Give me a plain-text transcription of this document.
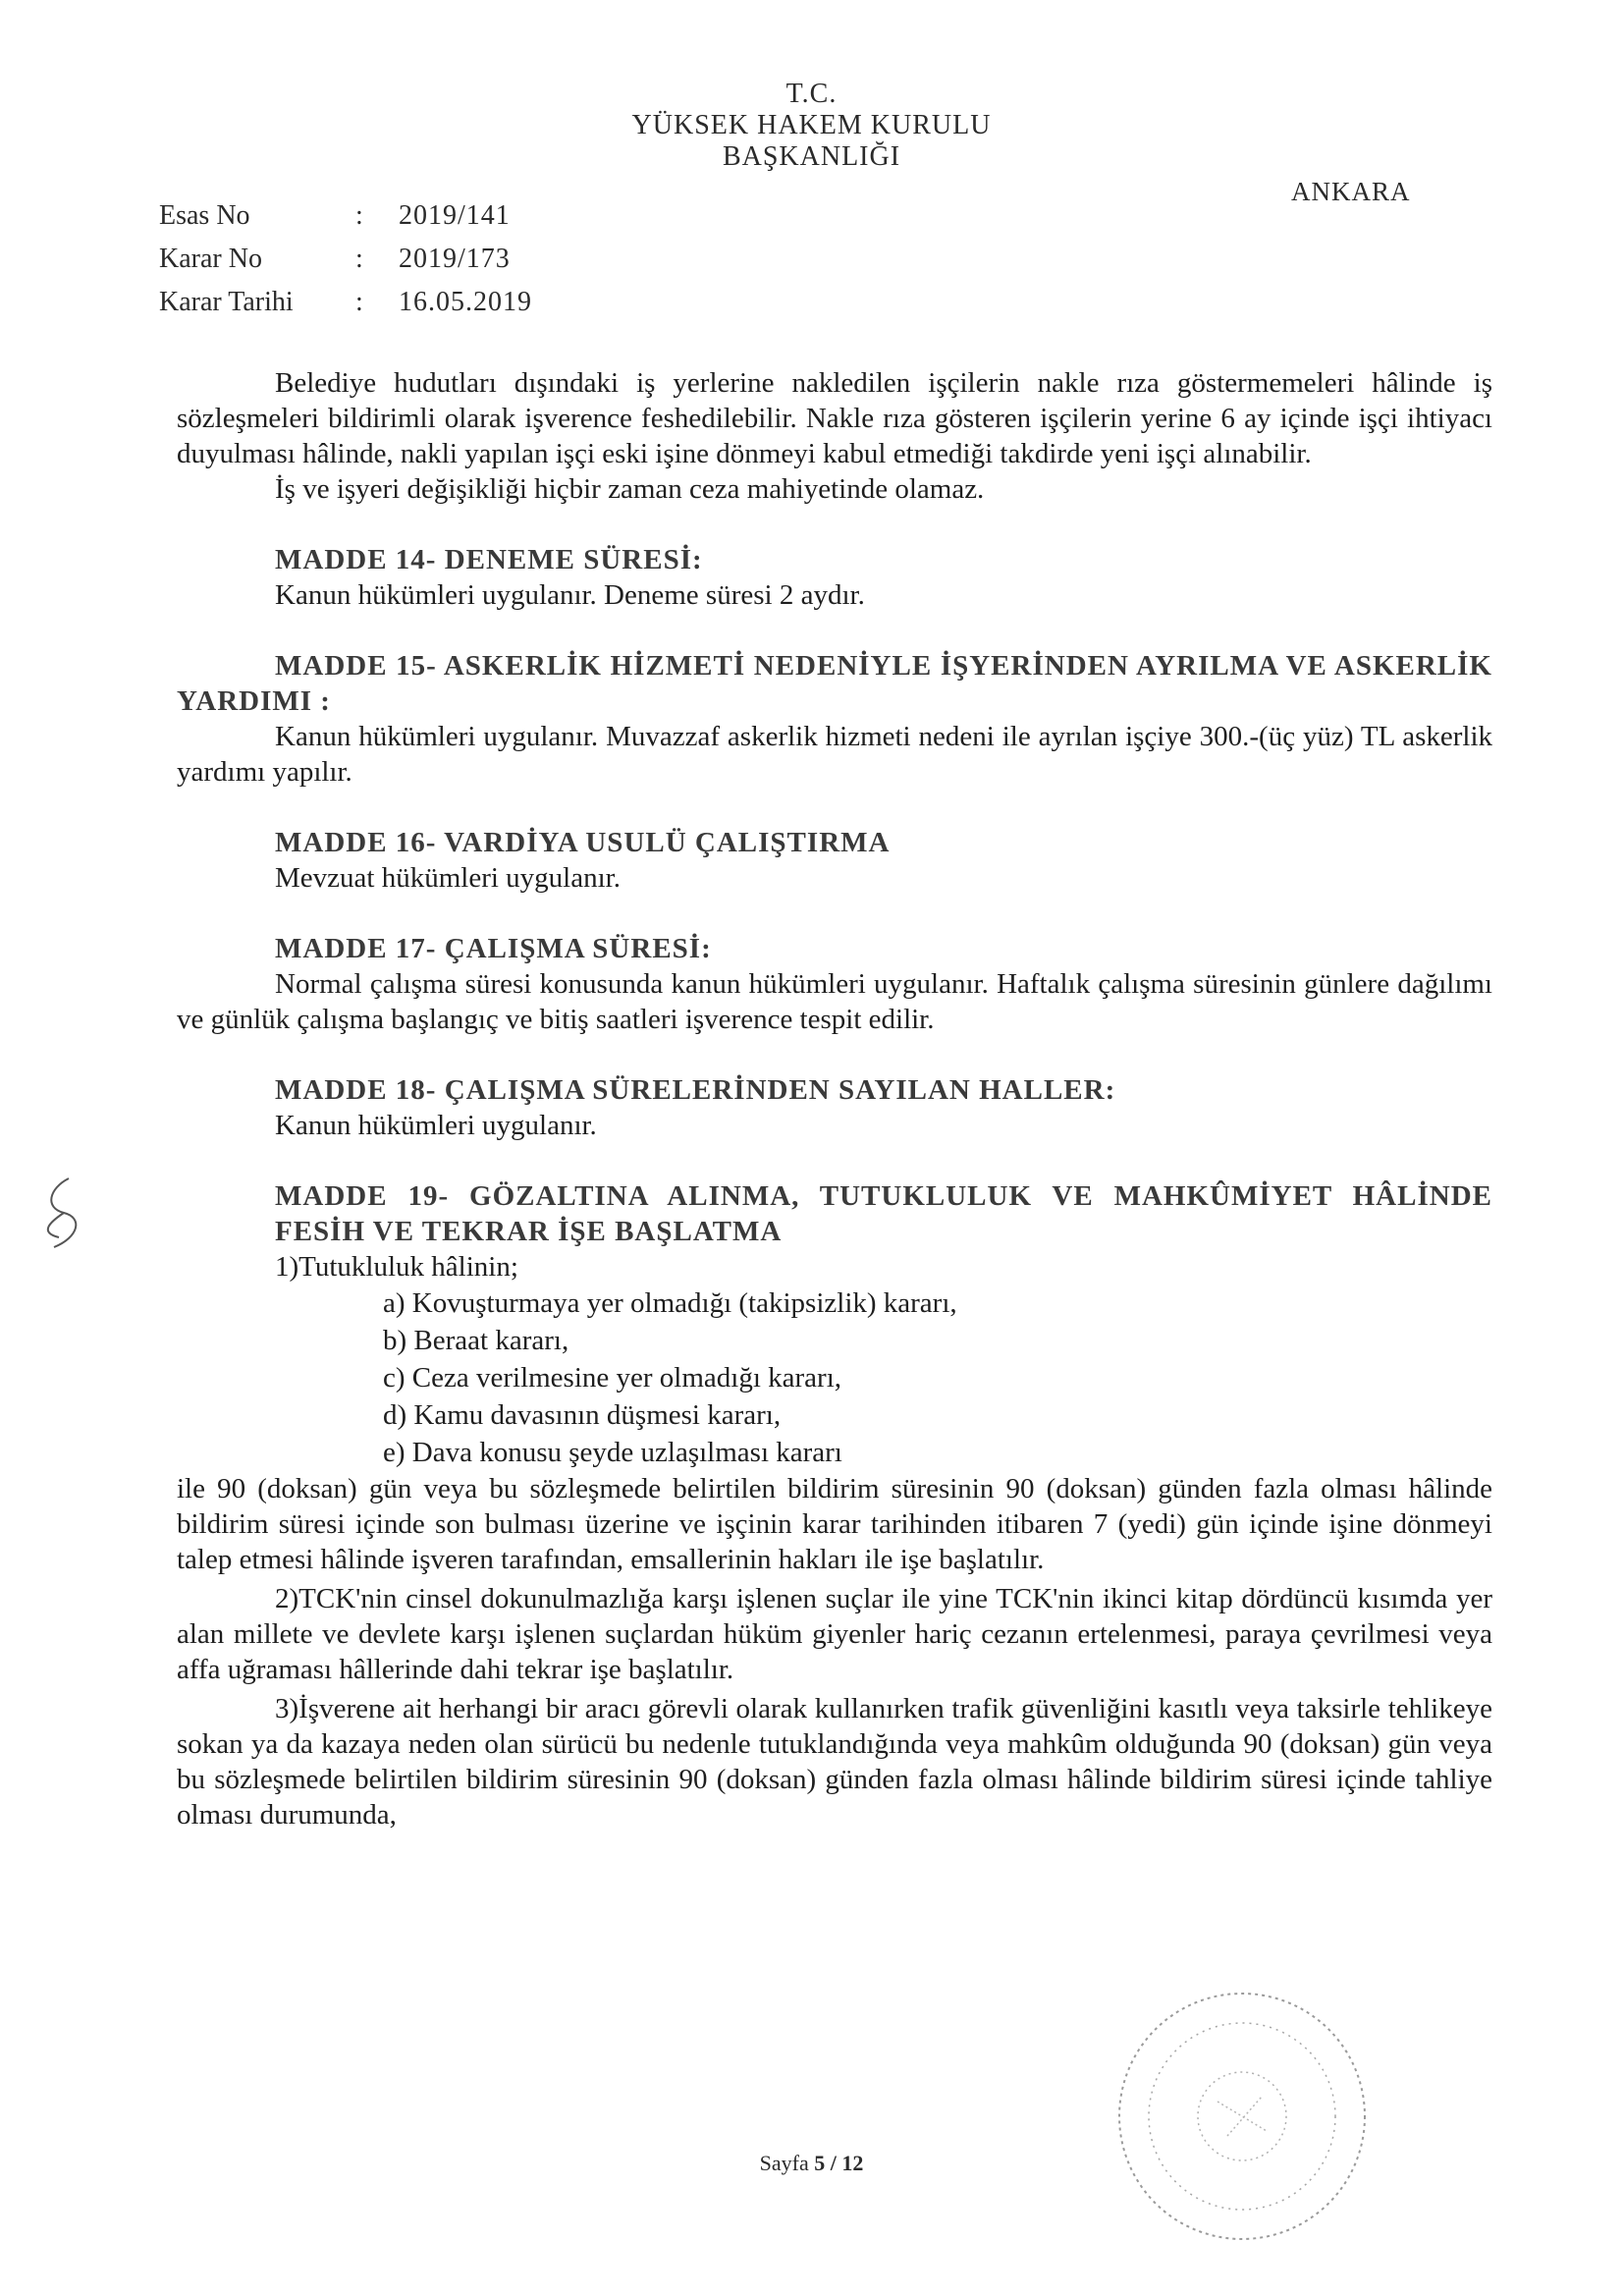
T.C.
YÜKSEK HAKEM KURULU
BAŞKANLIĞI
ANKARA
Esas No	:	2019/141
Karar No	:	2019/173
Karar Tarihi	:	16.05.2019

Belediye hudutları dışındaki iş yerlerine nakledilen işçilerin nakle rıza göstermemeleri hâlinde iş sözleşmeleri bildirimli olarak işverence feshedilebilir. Nakle rıza gösteren işçilerin yerine 6 ay içinde işçi ihtiyacı duyulması hâlinde, nakli yapılan işçi eski işine dönmeyi kabul etmediği takdirde yeni işçi alınabilir.

İş ve işyeri değişikliği hiçbir zaman ceza mahiyetinde olamaz.

MADDE 14- DENEME SÜRESİ:

Kanun hükümleri uygulanır. Deneme süresi 2 aydır.

MADDE 15- ASKERLİK HİZMETİ NEDENİYLE İŞYERİNDEN AYRILMA VE ASKERLİK YARDIMI :

Kanun hükümleri uygulanır. Muvazzaf askerlik hizmeti nedeni ile ayrılan işçiye 300.-(üç yüz) TL askerlik yardımı yapılır.

MADDE 16- VARDİYA USULÜ ÇALIŞTIRMA

Mevzuat hükümleri uygulanır.

MADDE 17- ÇALIŞMA SÜRESİ:

Normal çalışma süresi konusunda kanun hükümleri uygulanır. Haftalık çalışma süresinin günlere dağılımı ve günlük çalışma başlangıç ve bitiş saatleri işverence tespit edilir.

MADDE 18- ÇALIŞMA SÜRELERİNDEN SAYILAN HALLER:

Kanun hükümleri uygulanır.

MADDE 19- GÖZALTINA ALINMA, TUTUKLULUK VE MAHKÛMİYET HÂLİNDE FESİH VE TEKRAR İŞE BAŞLATMA

1)Tutukluluk hâlinin;

a) Kovuşturmaya yer olmadığı (takipsizlik) kararı,
b) Beraat kararı,
c) Ceza verilmesine yer olmadığı kararı,
d) Kamu davasının düşmesi kararı,
e) Dava konusu şeyde uzlaşılması kararı

ile 90 (doksan) gün veya bu sözleşmede belirtilen bildirim süresinin 90 (doksan) günden fazla olması hâlinde bildirim süresi içinde son bulması üzerine ve işçinin karar tarihinden itibaren 7 (yedi) gün içinde işine dönmeyi talep etmesi hâlinde işveren tarafından, emsallerinin hakları ile işe başlatılır.

2)TCK'nin cinsel dokunulmazlığa karşı işlenen suçlar ile yine TCK'nin ikinci kitap dördüncü kısımda yer alan millete ve devlete karşı işlenen suçlardan hüküm giyenler hariç cezanın ertelenmesi, paraya çevrilmesi veya affa uğraması hâllerinde dahi tekrar işe başlatılır.

3)İşverene ait herhangi bir aracı görevli olarak kullanırken trafik güvenliğini kasıtlı veya taksirle tehlikeye sokan ya da kazaya neden olan sürücü bu nedenle tutuklandığında veya mahkûm olduğunda 90 (doksan) gün veya bu sözleşmede belirtilen bildirim süresinin 90 (doksan) günden fazla olması hâlinde bildirim süresi içinde tahliye olması durumunda,

Sayfa 5 / 12
